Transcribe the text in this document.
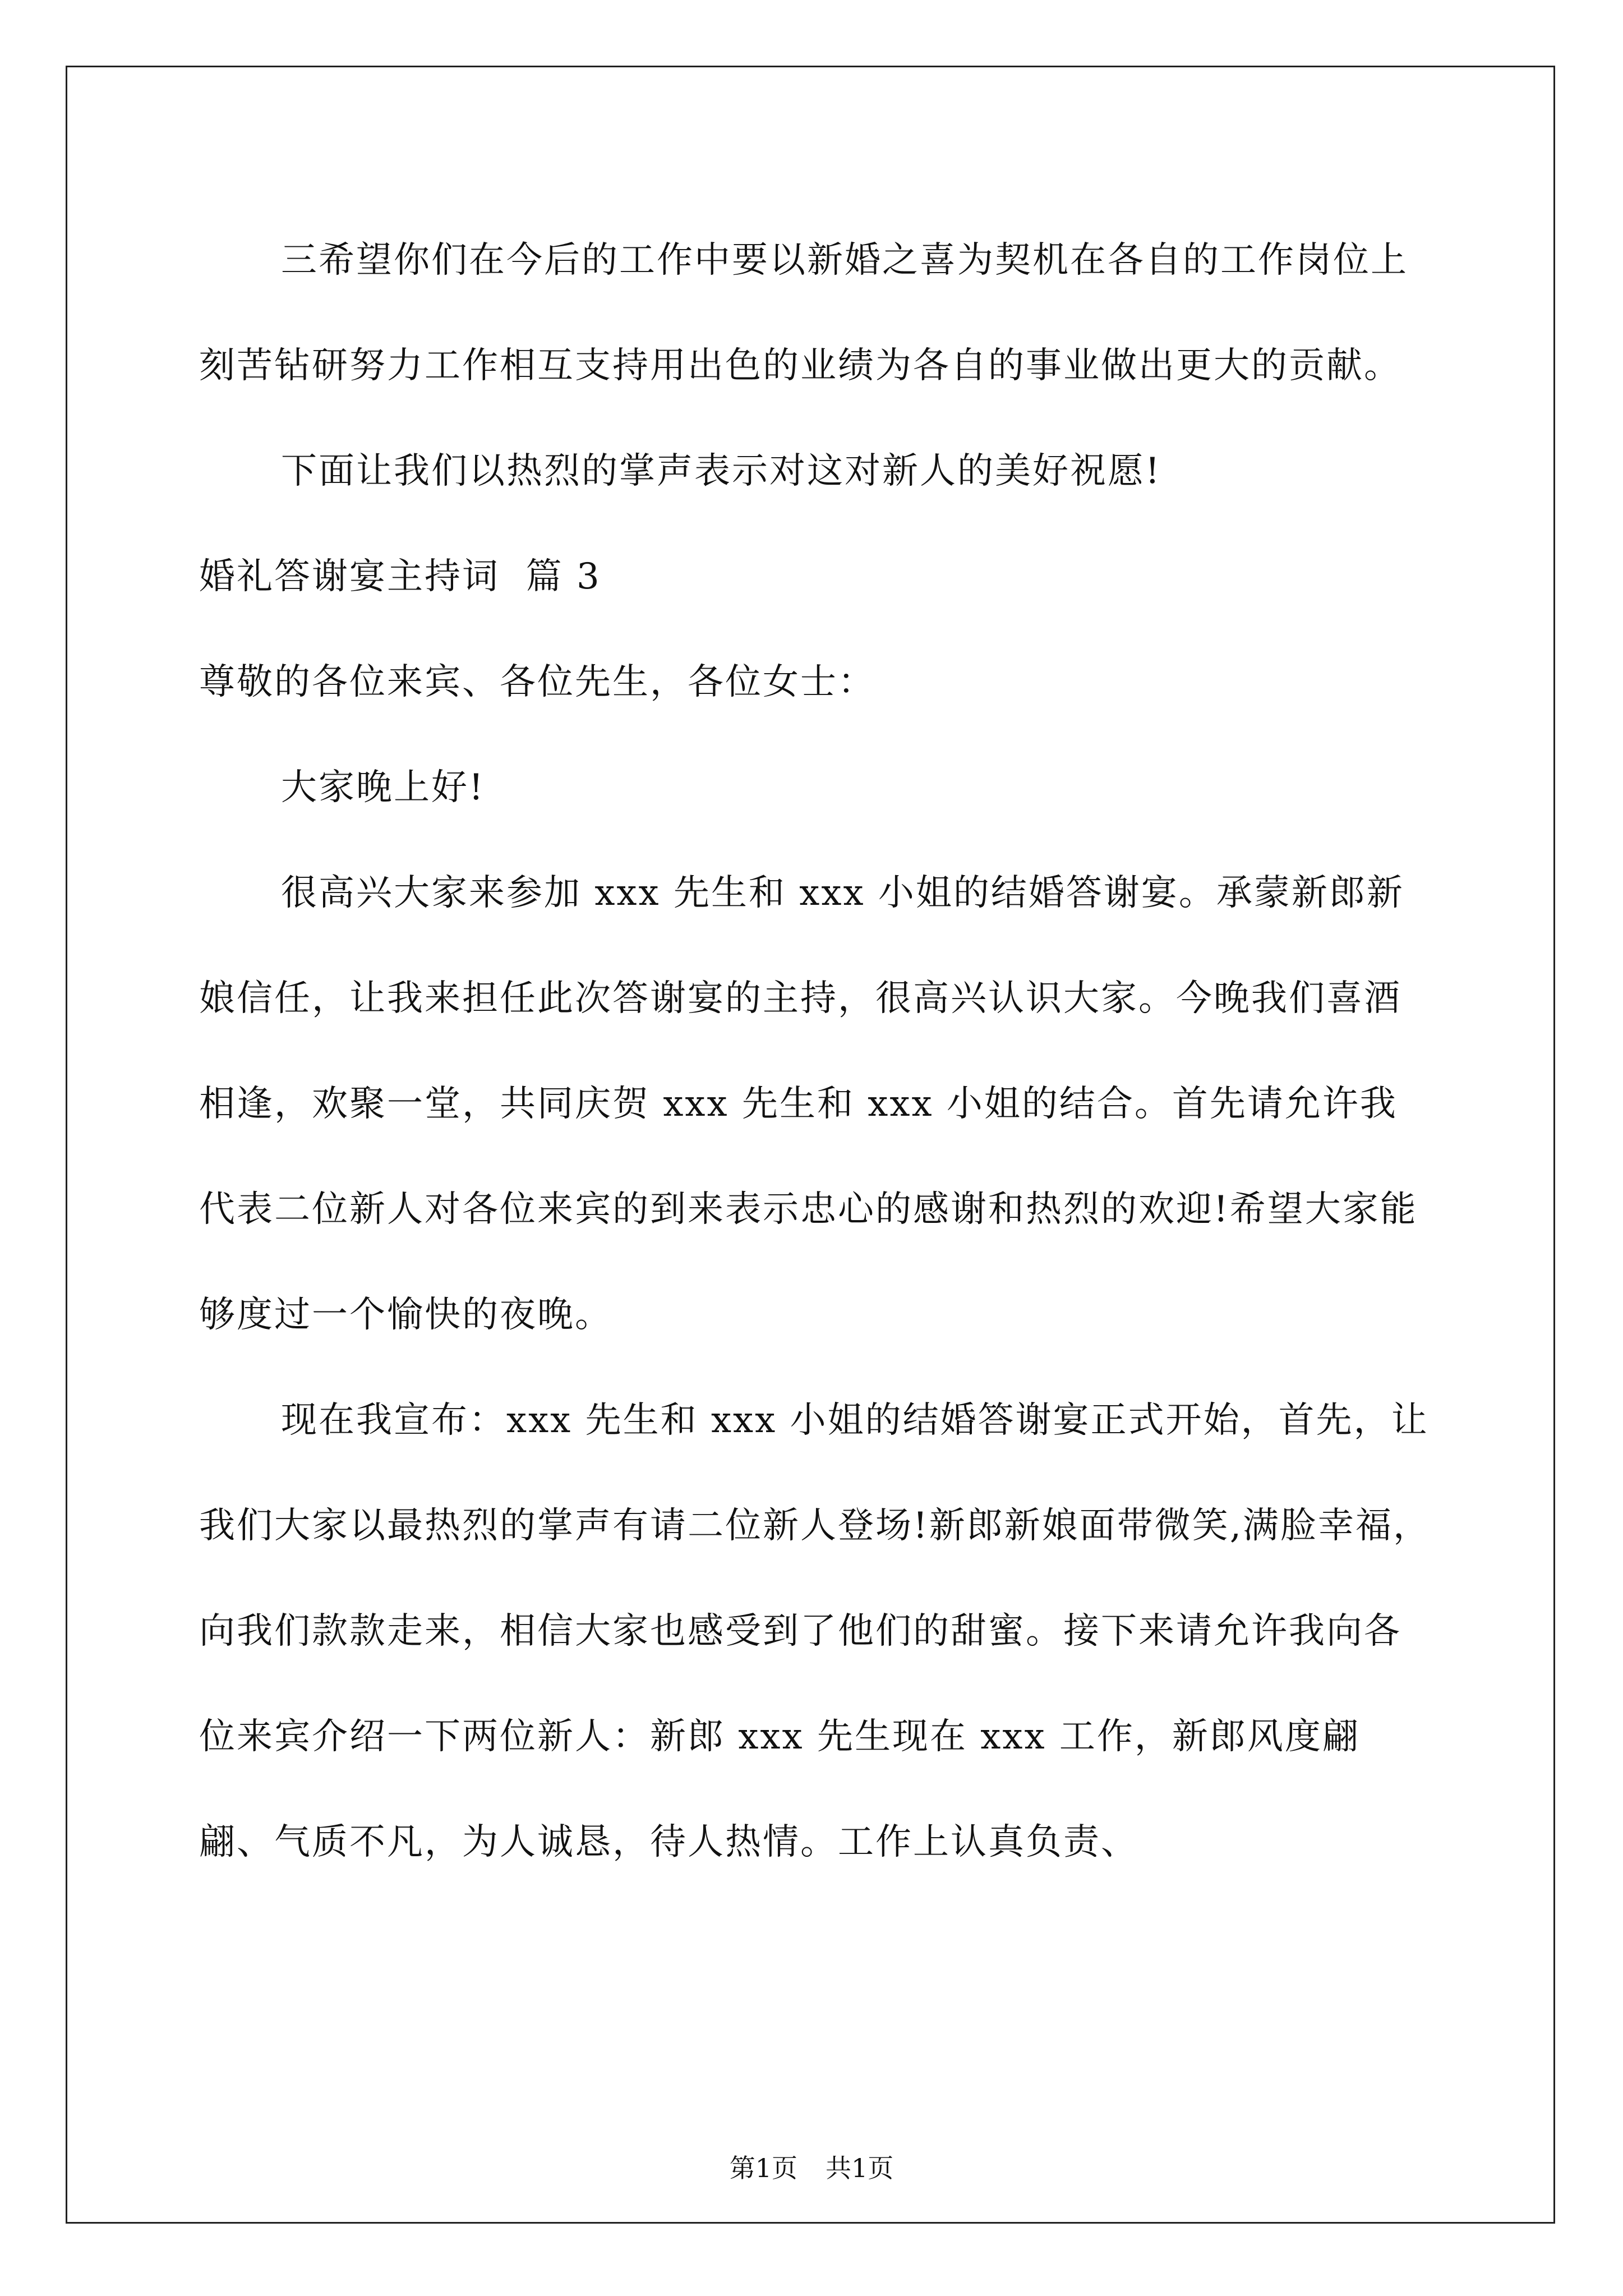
三希望你们在今后的工作中要以新婚之喜为契机在各自的工作岗位上刻苦钻研努力工作相互支持用出色的业绩为各自的事业做出更大的贡献。

下面让我们以热烈的掌声表示对这对新人的美好祝愿!

婚礼答谢宴主持词  篇 3

尊敬的各位来宾、各位先生，各位女士：

大家晚上好!

很高兴大家来参加 xxx 先生和 xxx 小姐的结婚答谢宴。承蒙新郎新娘信任，让我来担任此次答谢宴的主持，很高兴认识大家。今晚我们喜酒相逢，欢聚一堂，共同庆贺 xxx 先生和 xxx 小姐的结合。首先请允许我代表二位新人对各位来宾的到来表示忠心的感谢和热烈的欢迎!希望大家能够度过一个愉快的夜晚。

现在我宣布：xxx 先生和 xxx 小姐的结婚答谢宴正式开始，首先，让我们大家以最热烈的掌声有请二位新人登场!新郎新娘面带微笑,满脸幸福，向我们款款走来，相信大家也感受到了他们的甜蜜。接下来请允许我向各位来宾介绍一下两位新人：新郎 xxx 先生现在 xxx 工作，新郎风度翩翩、气质不凡，为人诚恳，待人热情。工作上认真负责、

第1页 共1页
